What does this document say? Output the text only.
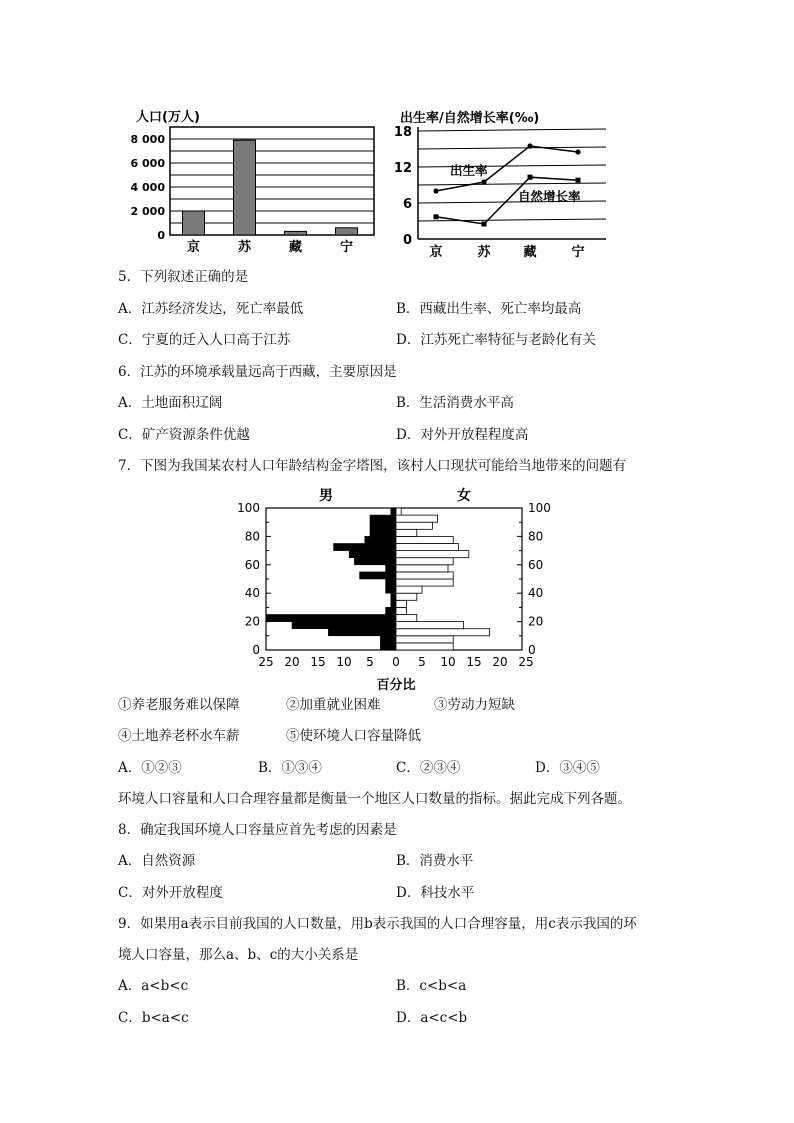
人口(万人)
0
2 000
4 000
6 000
8 000
京	苏	藏	宁
出生率/自然增长率(‰)
0
6
12
18
出生率
自然增长率
京	苏	藏	宁
5．下列叙述正确的是
A．江苏经济发达，死亡率最低	B．西藏出生率、死亡率均最高
C．宁夏的迁入人口高于江苏	D．江苏死亡率特征与老龄化有关
6．江苏的环境承载量远高于西藏，主要原因是
A．土地面积辽阔	B．生活消费水平高
C．矿产资源条件优越	D．对外开放程程度高
7．下图为我国某农村人口年龄结构金字塔图，该村人口现状可能给当地带来的问题有
男	女
0	0
20	20
40	40
60	60
80	80
100	100
25 20 15 10 5 0 5 10 15 20 25
百分比
①养老服务难以保障	②加重就业困难	③劳动力短缺
④土地养老杯水车薪	⑤使环境人口容量降低
A．①②③	B．①③④	C．②③④	D．③④⑤
环境人口容量和人口合理容量都是衡量一个地区人口数量的指标。据此完成下列各题。
8．确定我国环境人口容量应首先考虑的因素是
A．自然资源	B．消费水平
C．对外开放程度	D．科技水平
9．如果用a表示目前我国的人口数量，用b表示我国的人口合理容量，用c表示我国的环
境人口容量，那么a、b、c的大小关系是
A．a<b<c	B．c<b<a
C．b<a<c	D．a<c<b
